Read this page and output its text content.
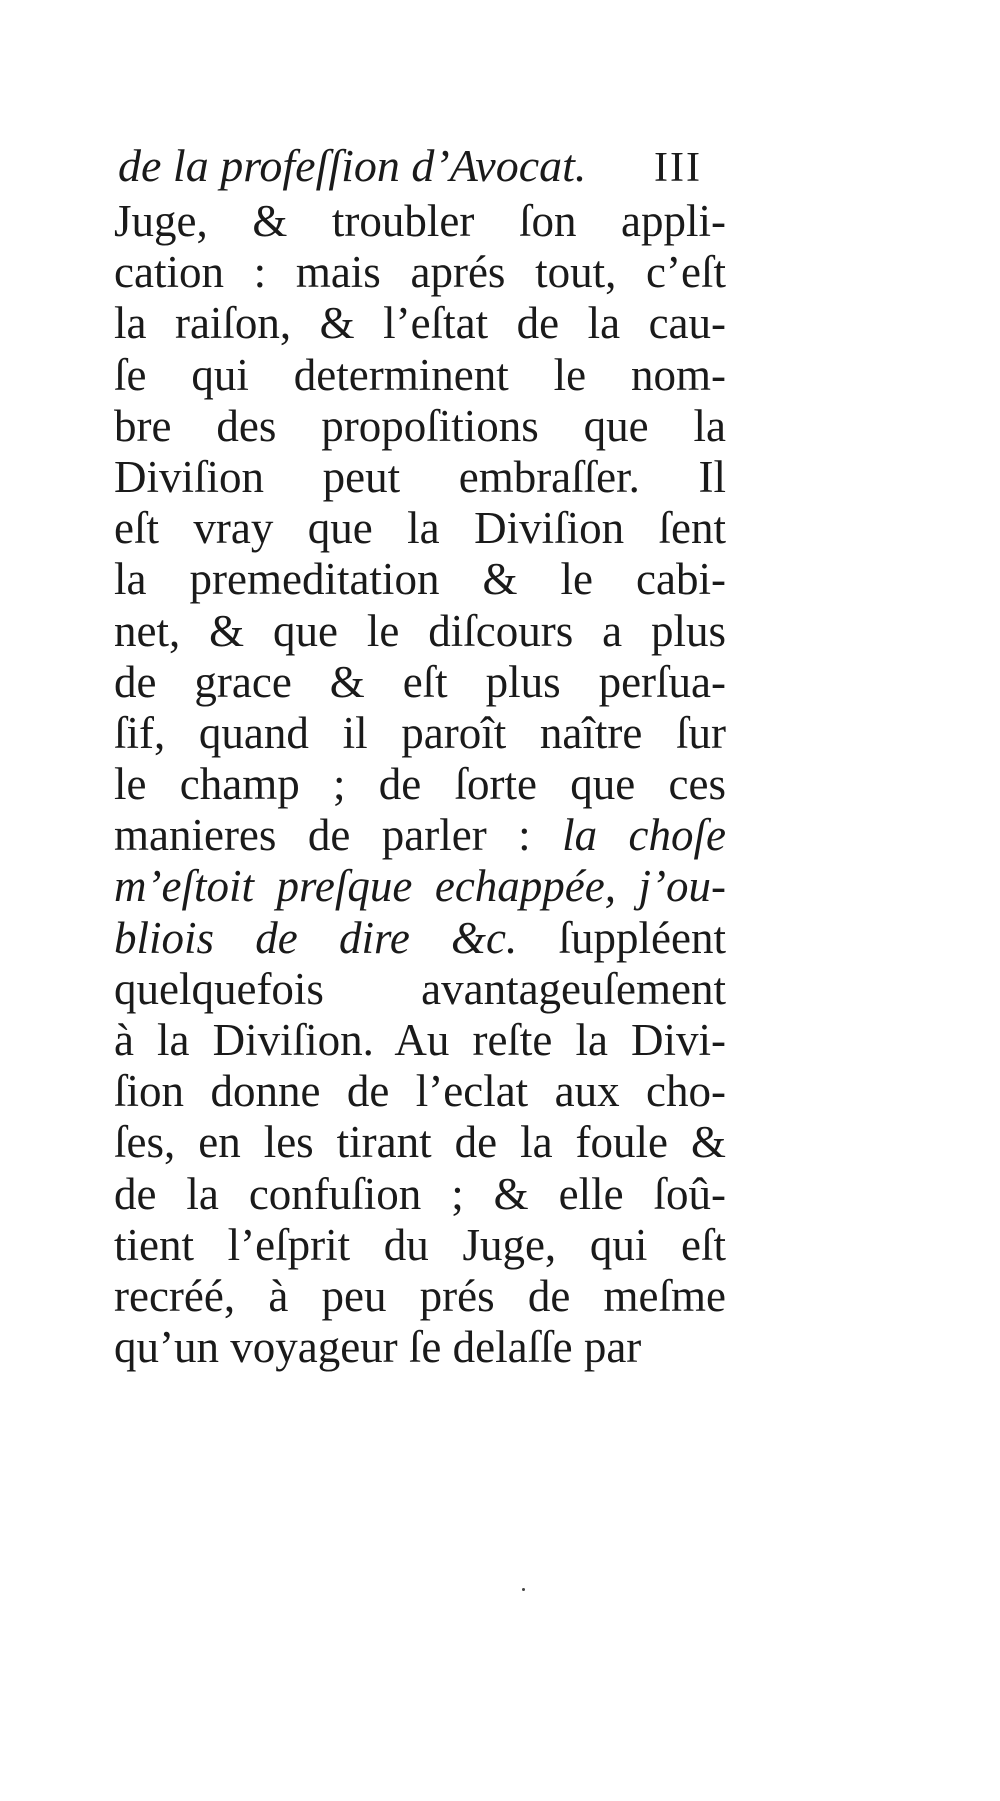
de la profeſſion d’Avocat.	III
Juge, & troubler ſon appli-
cation : mais aprés tout, c’eſt
la raiſon, & l’eſtat de la cau-
ſe qui determinent le nom-
bre des propoſitions que la
Diviſion peut embraſſer. Il
eſt vray que la Diviſion ſent
la premeditation & le cabi-
net, & que le diſcours a plus
de grace & eſt plus perſua-
ſif, quand il paroît naître ſur
le champ ; de ſorte que ces
manieres de parler : la choſe
m’eſtoit preſque echappée, j’ou-
bliois de dire &c. ſuppléent
quelquefois avantageuſement
à la Diviſion. Au reſte la Divi-
ſion donne de l’eclat aux cho-
ſes, en les tirant de la foule &
de la confuſion ; & elle ſoû-
tient l’eſprit du Juge, qui eſt
recréé, à peu prés de meſme
qu’un voyageur ſe delaſſe par
